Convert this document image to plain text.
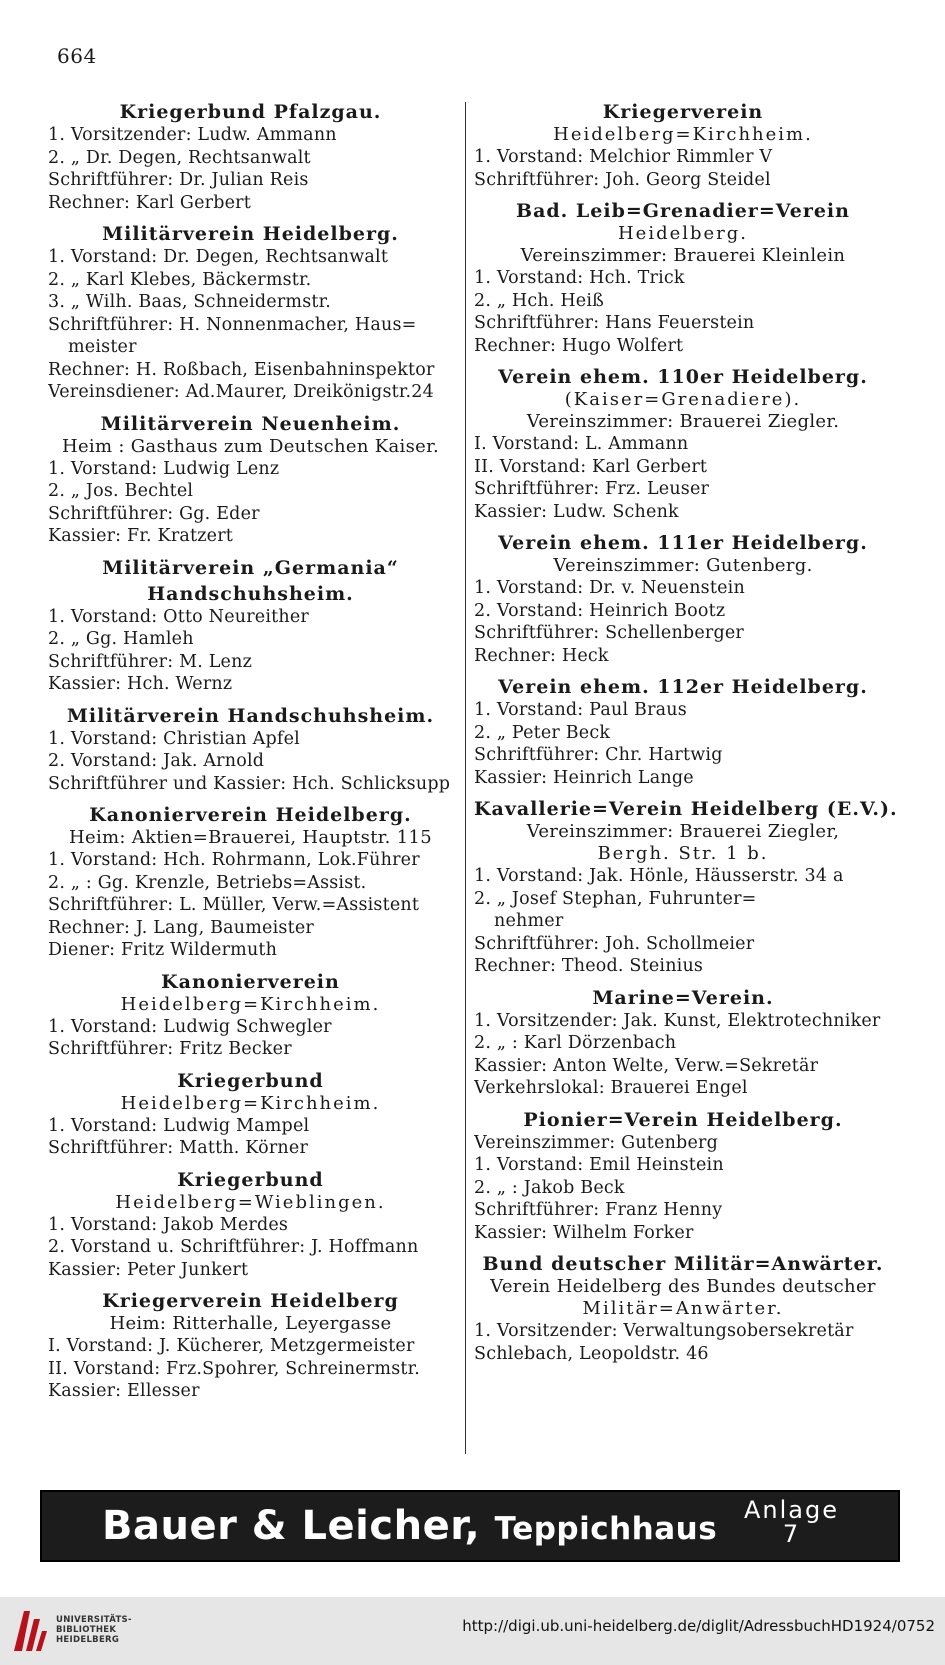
664
Kriegerbund Pfalzgau.
1. Vorsitzender: Ludw. Ammann
2. „ Dr. Degen, Rechtsanwalt
Schriftführer: Dr. Julian Reis
Rechner: Karl Gerbert
Militärverein Heidelberg.
1. Vorstand: Dr. Degen, Rechtsanwalt
2. „ Karl Klebes, Bäckermstr.
3. „ Wilh. Baas, Schneidermstr.
Schriftführer: H. Nonnenmacher, Haus=
meister
Rechner: H. Roßbach, Eisenbahninspektor
Vereinsdiener: Ad.Maurer, Dreikönigstr.24
Militärverein Neuenheim.
Heim : Gasthaus zum Deutschen Kaiser.
1. Vorstand: Ludwig Lenz
2. „ Jos. Bechtel
Schriftführer: Gg. Eder
Kassier: Fr. Kratzert
Militärverein „Germania“
Handschuhsheim.
1. Vorstand: Otto Neureither
2. „ Gg. Hamleh
Schriftführer: M. Lenz
Kassier: Hch. Wernz
Militärverein Handschuhsheim.
1. Vorstand: Christian Apfel
2. Vorstand: Jak. Arnold
Schriftführer und Kassier: Hch. Schlicksupp
Kanonierverein Heidelberg.
Heim: Aktien=Brauerei, Hauptstr. 115
1. Vorstand: Hch. Rohrmann, Lok.Führer
2. „ : Gg. Krenzle, Betriebs=Assist.
Schriftführer: L. Müller, Verw.=Assistent
Rechner: J. Lang, Baumeister
Diener: Fritz Wildermuth
Kanonierverein
Heidelberg=Kirchheim.
1. Vorstand: Ludwig Schwegler
Schriftführer: Fritz Becker
Kriegerbund
Heidelberg=Kirchheim.
1. Vorstand: Ludwig Mampel
Schriftführer: Matth. Körner
Kriegerbund
Heidelberg=Wieblingen.
1. Vorstand: Jakob Merdes
2. Vorstand u. Schriftführer: J. Hoffmann
Kassier: Peter Junkert
Kriegerverein Heidelberg
Heim: Ritterhalle, Leyergasse
I. Vorstand: J. Kücherer, Metzgermeister
II. Vorstand: Frz.Spohrer, Schreinermstr.
Kassier: Ellesser
Kriegerverein
Heidelberg=Kirchheim.
1. Vorstand: Melchior Rimmler V
Schriftführer: Joh. Georg Steidel
Bad. Leib=Grenadier=Verein
Heidelberg.
Vereinszimmer: Brauerei Kleinlein
1. Vorstand: Hch. Trick
2. „ Hch. Heiß
Schriftführer: Hans Feuerstein
Rechner: Hugo Wolfert
Verein ehem. 110er Heidelberg.
(Kaiser=Grenadiere).
Vereinszimmer: Brauerei Ziegler.
I. Vorstand: L. Ammann
II. Vorstand: Karl Gerbert
Schriftführer: Frz. Leuser
Kassier: Ludw. Schenk
Verein ehem. 111er Heidelberg.
Vereinszimmer: Gutenberg.
1. Vorstand: Dr. v. Neuenstein
2. Vorstand: Heinrich Bootz
Schriftführer: Schellenberger
Rechner: Heck
Verein ehem. 112er Heidelberg.
1. Vorstand: Paul Braus
2. „ Peter Beck
Schriftführer: Chr. Hartwig
Kassier: Heinrich Lange
Kavallerie=Verein Heidelberg (E.V.).
Vereinszimmer: Brauerei Ziegler,
Bergh. Str. 1 b.
1. Vorstand: Jak. Hönle, Häusserstr. 34 a
2. „ Josef Stephan, Fuhrunter=
nehmer
Schriftführer: Joh. Schollmeier
Rechner: Theod. Steinius
Marine=Verein.
1. Vorsitzender: Jak. Kunst, Elektrotechniker
2. „ : Karl Dörzenbach
Kassier: Anton Welte, Verw.=Sekretär
Verkehrslokal: Brauerei Engel
Pionier=Verein Heidelberg.
Vereinszimmer: Gutenberg
1. Vorstand: Emil Heinstein
2. „ : Jakob Beck
Schriftführer: Franz Henny
Kassier: Wilhelm Forker
Bund deutscher Militär=Anwärter.
Verein Heidelberg des Bundes deutscher
Militär=Anwärter.
1. Vorsitzender: Verwaltungsobersekretär
Schlebach, Leopoldstr. 46
Bauer & Leicher, Teppichhaus
Anlage
7
UNIVERSITÄTS-
BIBLIOTHEK
HEIDELBERG
http://digi.ub.uni-heidelberg.de/diglit/AdressbuchHD1924/0752
